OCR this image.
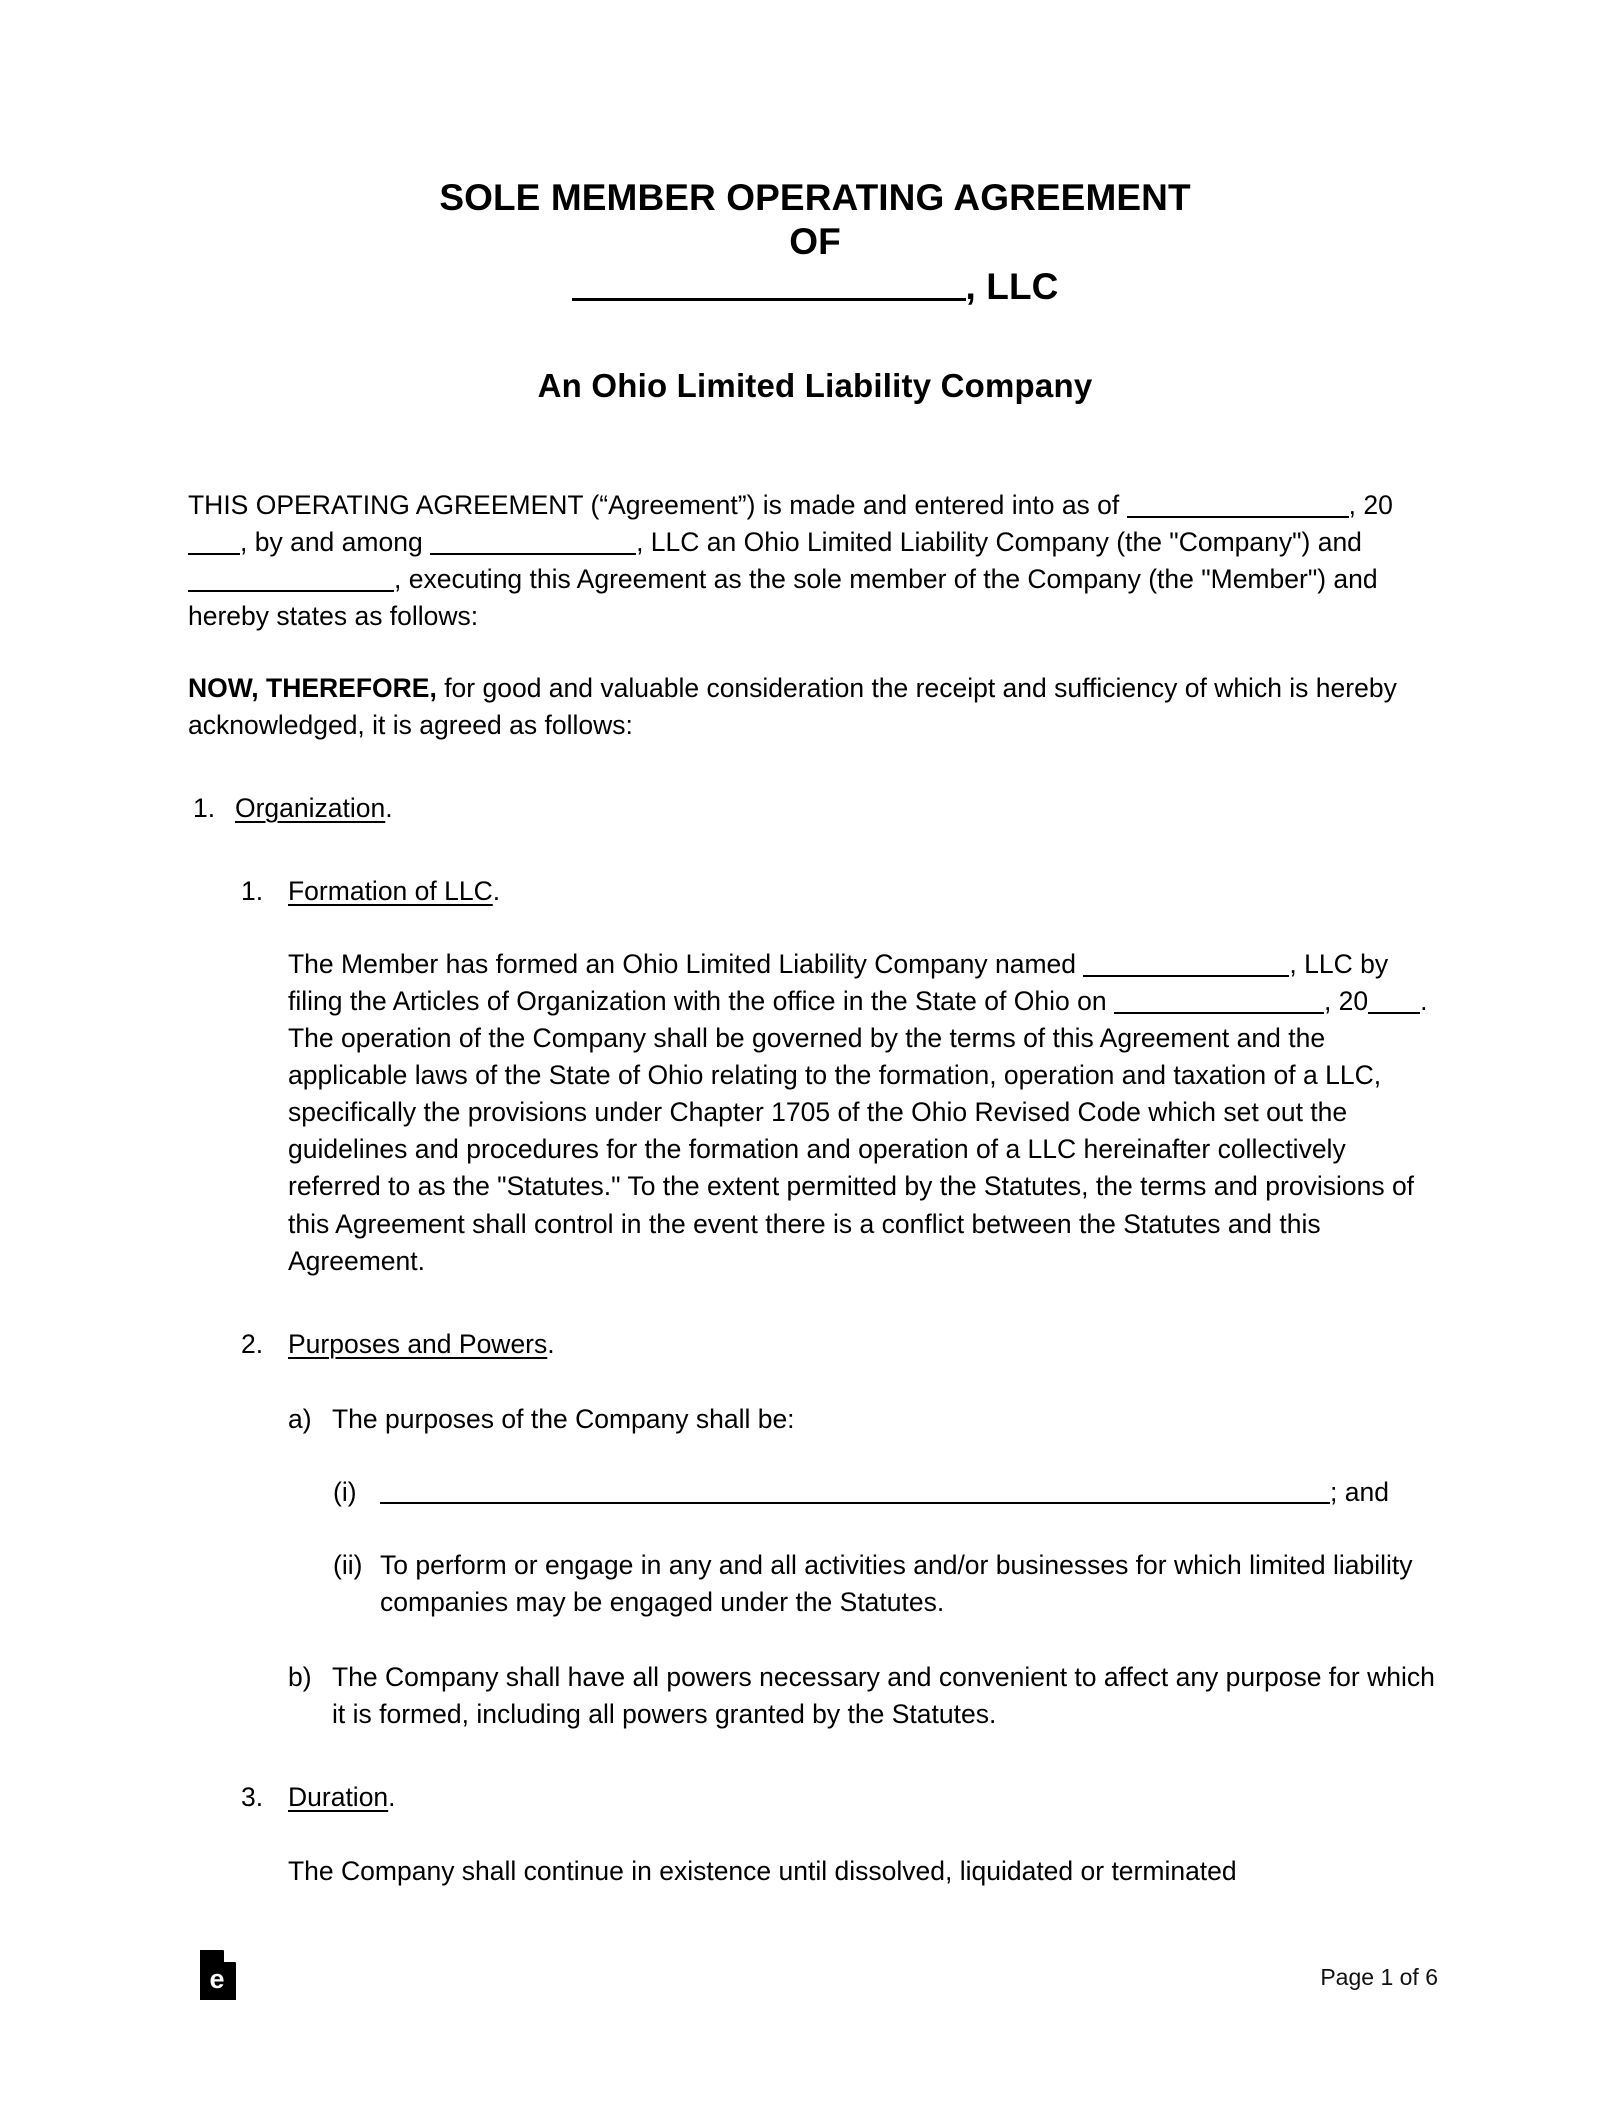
SOLE MEMBER OPERATING AGREEMENT
OF
, LLC
An Ohio Limited Liability Company
THIS OPERATING AGREEMENT (“Agreement”) is made and entered into as of	, 20, by and among	, LLC an Ohio Limited Liability Company (the "Company") and , executing this Agreement as the sole member of the Company (the "Member") and hereby states as follows:
NOW, THEREFORE, for good and valuable consideration the receipt and sufficiency of which is hereby acknowledged, it is agreed as follows:
1. Organization.
1. Formation of LLC.
The Member has formed an Ohio Limited Liability Company named	, LLC by filing the Articles of Organization with the office in the State of Ohio on	, 20 . The operation of the Company shall be governed by the terms of this Agreement and the applicable laws of the State of Ohio relating to the formation, operation and taxation of a LLC, specifically the provisions under Chapter 1705 of the Ohio Revised Code which set out the guidelines and procedures for the formation and operation of a LLC hereinafter collectively referred to as the "Statutes." To the extent permitted by the Statutes, the terms and provisions of this Agreement shall control in the event there is a conflict between the Statutes and this Agreement.
2. Purposes and Powers.
a) The purposes of the Company shall be:
(i)	; and
(ii) To perform or engage in any and all activities and/or businesses for which limited liability companies may be engaged under the Statutes.
b) The Company shall have all powers necessary and convenient to affect any purpose for which it is formed, including all powers granted by the Statutes.
3. Duration.
The Company shall continue in existence until dissolved, liquidated or terminated
e	Page 1 of 6
